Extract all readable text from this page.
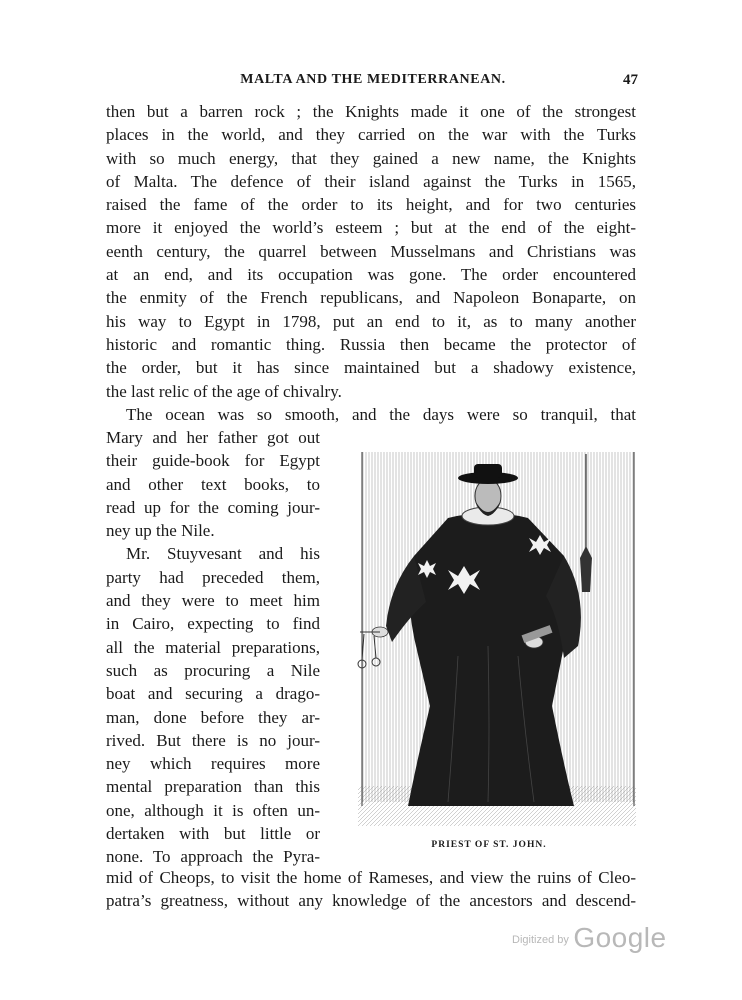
MALTA AND THE MEDITERRANEAN.	47
then but a barren rock ; the Knights made it one of the strongest
places in the world, and they carried on the war with the Turks
with so much energy, that they gained a new name, the Knights
of Malta. The defence of their island against the Turks in 1565,
raised the fame of the order to its height, and for two centuries
more it enjoyed the world’s esteem ; but at the end of the eight-
eenth century, the quarrel between Musselmans and Christians was
at an end, and its occupation was gone. The order encountered
the enmity of the French republicans, and Napoleon Bonaparte, on
his way to Egypt in 1798, put an end to it, as to many another
historic and romantic thing. Russia then became the protector of
the order, but it has since maintained but a shadowy existence,
the last relic of the age of chivalry.
The ocean was so smooth, and the days were so tranquil, that
Mary and her father got out
their guide-book for Egypt
and other text books, to
read up for the coming jour-
ney up the Nile.
Mr. Stuyvesant and his
party had preceded them,
and they were to meet him
in Cairo, expecting to find
all the material preparations,
such as procuring a Nile
boat and securing a drago-
man, done before they ar-
rived. But there is no jour-
ney which requires more
mental preparation than this
one, although it is often un-
dertaken with but little or
none. To approach the Pyra-
PRIEST OF ST. JOHN.
mid of Cheops, to visit the home of Rameses, and view the ruins of Cleo-
patra’s greatness, without any knowledge of the ancestors and descend-
$^{Digitized by}$ Google
